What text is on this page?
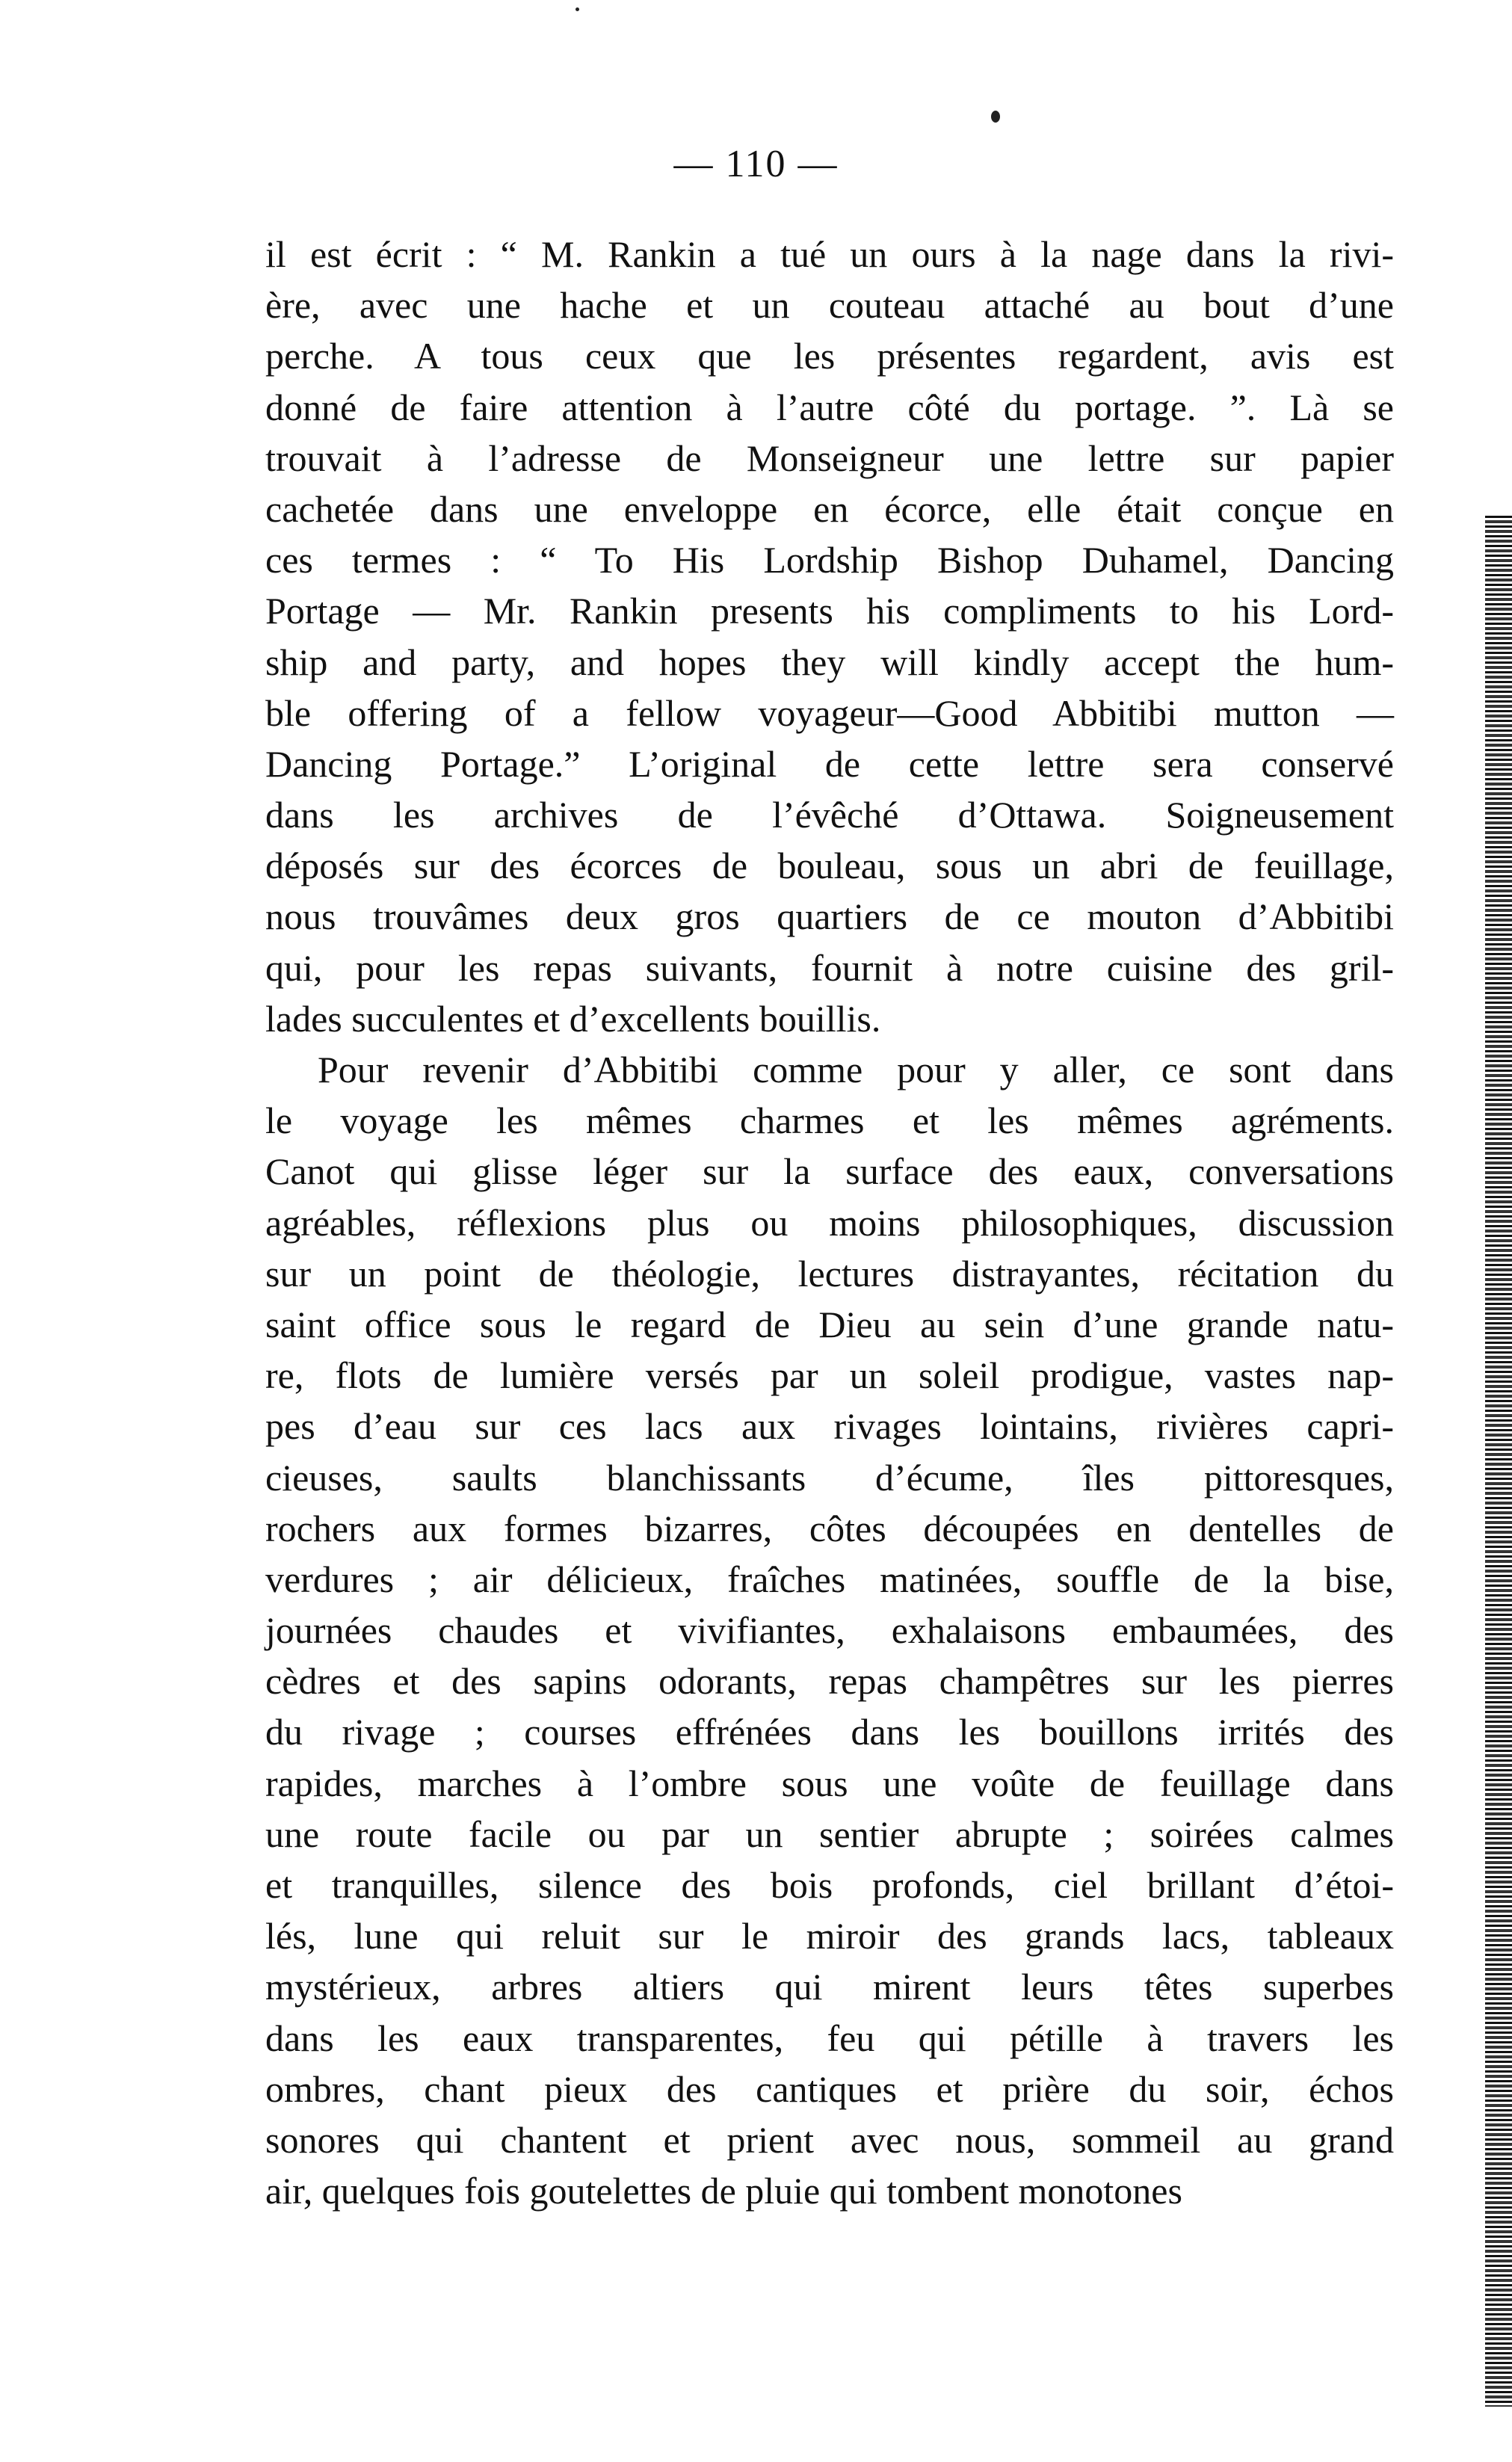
— 110 —
il est écrit : “ M. Rankin a tué un ours à la nage dans la rivi-
ère, avec une hache et un couteau attaché au bout d’une
perche. A tous ceux que les présentes regardent, avis est
donné de faire attention à l’autre côté du portage. ”. Là se
trouvait à l’adresse de Monseigneur une lettre sur papier
cachetée dans une enveloppe en écorce, elle était conçue en
ces termes : “ To His Lordship Bishop Duhamel, Dancing
Portage — Mr. Rankin presents his compliments to his Lord-
ship and party, and hopes they will kindly accept the hum-
ble offering of a fellow voyageur—Good Abbitibi mutton —
Dancing Portage.” L’original de cette lettre sera conservé
dans les archives de l’évêché d’Ottawa. Soigneusement
déposés sur des écorces de bouleau, sous un abri de feuillage,
nous trouvâmes deux gros quartiers de ce mouton d’Abbitibi
qui, pour les repas suivants, fournit à notre cuisine des gril-
lades succulentes et d’excellents bouillis.
Pour revenir d’Abbitibi comme pour y aller, ce sont dans
le voyage les mêmes charmes et les mêmes agréments.
Canot qui glisse léger sur la surface des eaux, conversations
agréables, réflexions plus ou moins philosophiques, discussion
sur un point de théologie, lectures distrayantes, récitation du
saint office sous le regard de Dieu au sein d’une grande natu-
re, flots de lumière versés par un soleil prodigue, vastes nap-
pes d’eau sur ces lacs aux rivages lointains, rivières capri-
cieuses, saults blanchissants d’écume, îles pittoresques,
rochers aux formes bizarres, côtes découpées en dentelles de
verdures ; air délicieux, fraîches matinées, souffle de la bise,
journées chaudes et vivifiantes, exhalaisons embaumées, des
cèdres et des sapins odorants, repas champêtres sur les pierres
du rivage ; courses effrénées dans les bouillons irrités des
rapides, marches à l’ombre sous une voûte de feuillage dans
une route facile ou par un sentier abrupte ; soirées calmes
et tranquilles, silence des bois profonds, ciel brillant d’étoi-
lés, lune qui reluit sur le miroir des grands lacs, tableaux
mystérieux, arbres altiers qui mirent leurs têtes superbes
dans les eaux transparentes, feu qui pétille à travers les
ombres, chant pieux des cantiques et prière du soir, échos
sonores qui chantent et prient avec nous, sommeil au grand
air, quelques fois goutelettes de pluie qui tombent monotones
